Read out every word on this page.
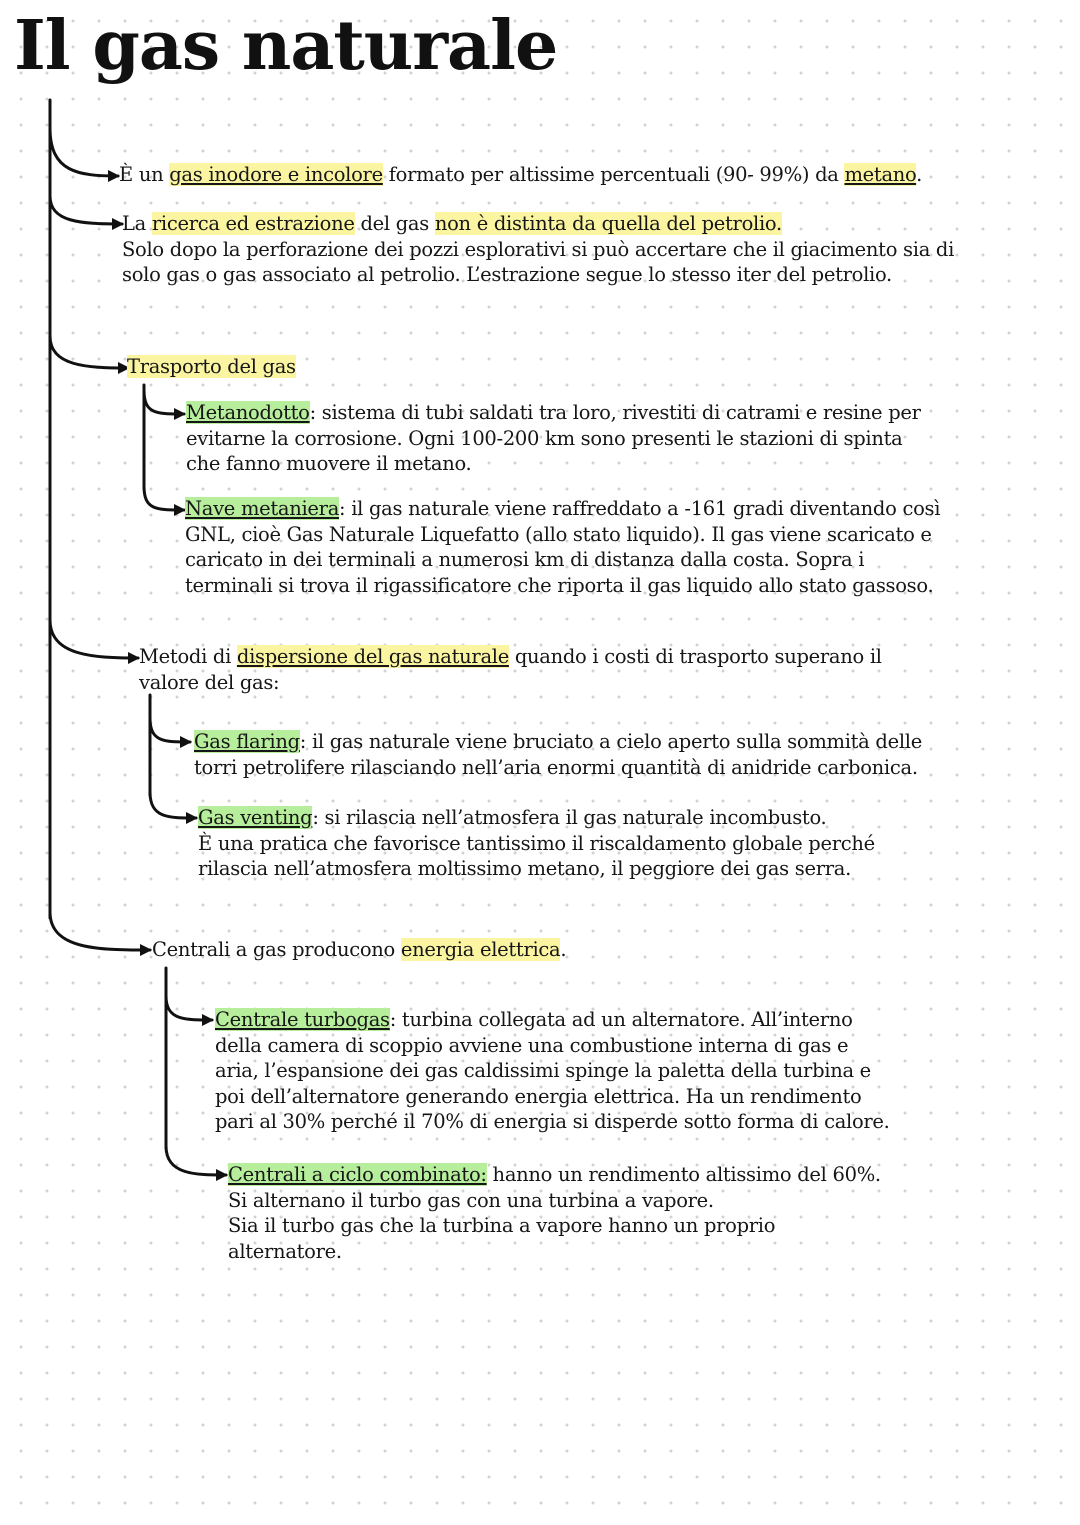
Il gas naturale
È un gas inodore e incolore formato per altissime percentuali (90- 99%) da metano.
La ricerca ed estrazione del gas non è distinta da quella del petrolio.
Solo dopo la perforazione dei pozzi esplorativi si può accertare che il giacimento sia di
solo gas o gas associato al petrolio. L’estrazione segue lo stesso iter del petrolio.
Trasporto del gas
Metanodotto: sistema di tubi saldati tra loro, rivestiti di catrami e resine per
evitarne la corrosione. Ogni 100-200 km sono presenti le stazioni di spinta
che fanno muovere il metano.
Nave metaniera: il gas naturale viene raffreddato a -161 gradi diventando così
GNL, cioè Gas Naturale Liquefatto (allo stato liquido). Il gas viene scaricato e
caricato in dei terminali a numerosi km di distanza dalla costa. Sopra i
terminali si trova il rigassificatore che riporta il gas liquido allo stato gassoso.
Metodi di dispersione del gas naturale quando i costi di trasporto superano il
valore del gas:
Gas flaring: il gas naturale viene bruciato a cielo aperto sulla sommità delle
torri petrolifere rilasciando nell’aria enormi quantità di anidride carbonica.
Gas venting: si rilascia nell’atmosfera il gas naturale incombusto.
È una pratica che favorisce tantissimo il riscaldamento globale perché
rilascia nell’atmosfera moltissimo metano, il peggiore dei gas serra.
Centrali a gas producono energia elettrica.
Centrale turbogas: turbina collegata ad un alternatore. All’interno
della camera di scoppio avviene una combustione interna di gas e
aria, l’espansione dei gas caldissimi spinge la paletta della turbina e
poi dell’alternatore generando energia elettrica. Ha un rendimento
pari al 30% perché il 70% di energia si disperde sotto forma di calore.
Centrali a ciclo combinato: hanno un rendimento altissimo del 60%.
Si alternano il turbo gas con una turbina a vapore.
Sia il turbo gas che la turbina a vapore hanno un proprio
alternatore.
